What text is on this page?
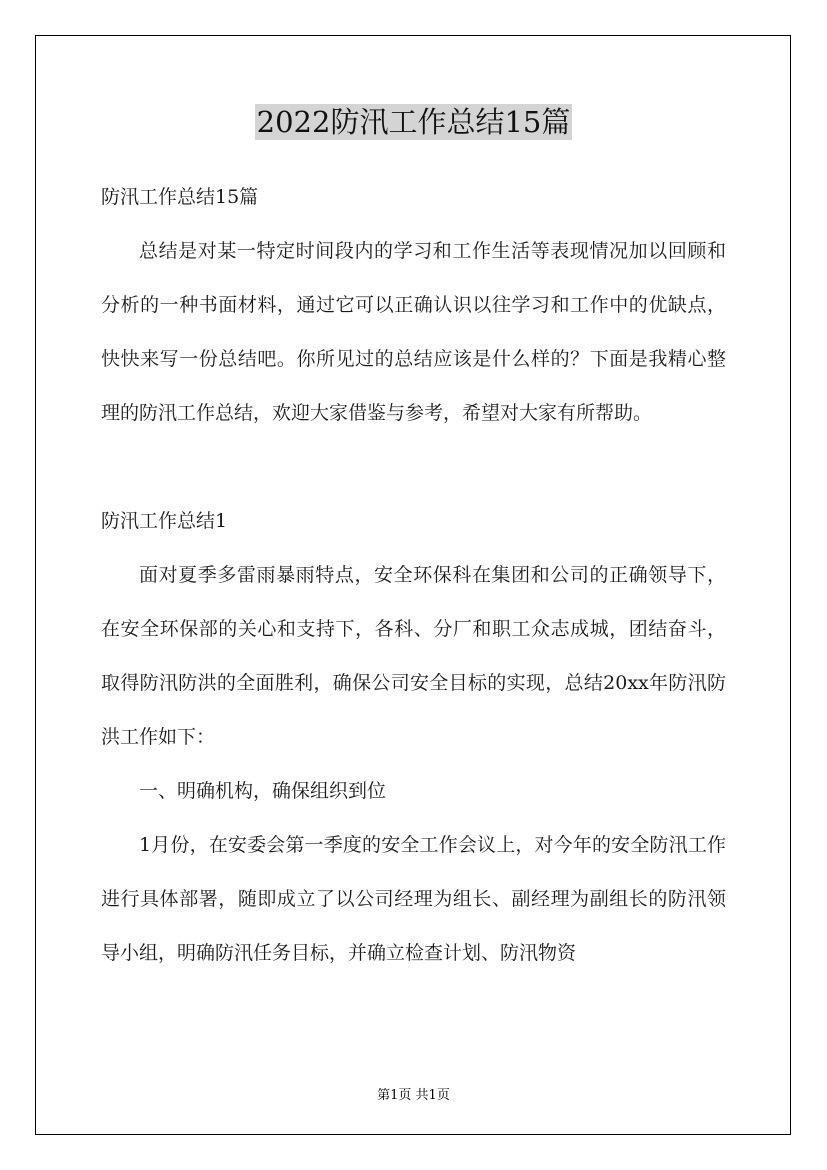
2022防汛工作总结15篇

防汛工作总结15篇

总结是对某一特定时间段内的学习和工作生活等表现情况加以回顾和分析的一种书面材料，通过它可以正确认识以往学习和工作中的优缺点，快快来写一份总结吧。你所见过的总结应该是什么样的？下面是我精心整理的防汛工作总结，欢迎大家借鉴与参考，希望对大家有所帮助。

防汛工作总结1

面对夏季多雷雨暴雨特点，安全环保科在集团和公司的正确领导下，在安全环保部的关心和支持下，各科、分厂和职工众志成城，团结奋斗，取得防汛防洪的全面胜利，确保公司安全目标的实现，总结20xx年防汛防洪工作如下：

一、明确机构，确保组织到位

1月份，在安委会第一季度的安全工作会议上，对今年的安全防汛工作进行具体部署，随即成立了以公司经理为组长、副经理为副组长的防汛领导小组，明确防汛任务目标，并确立检查计划、防汛物资

第1页 共1页
